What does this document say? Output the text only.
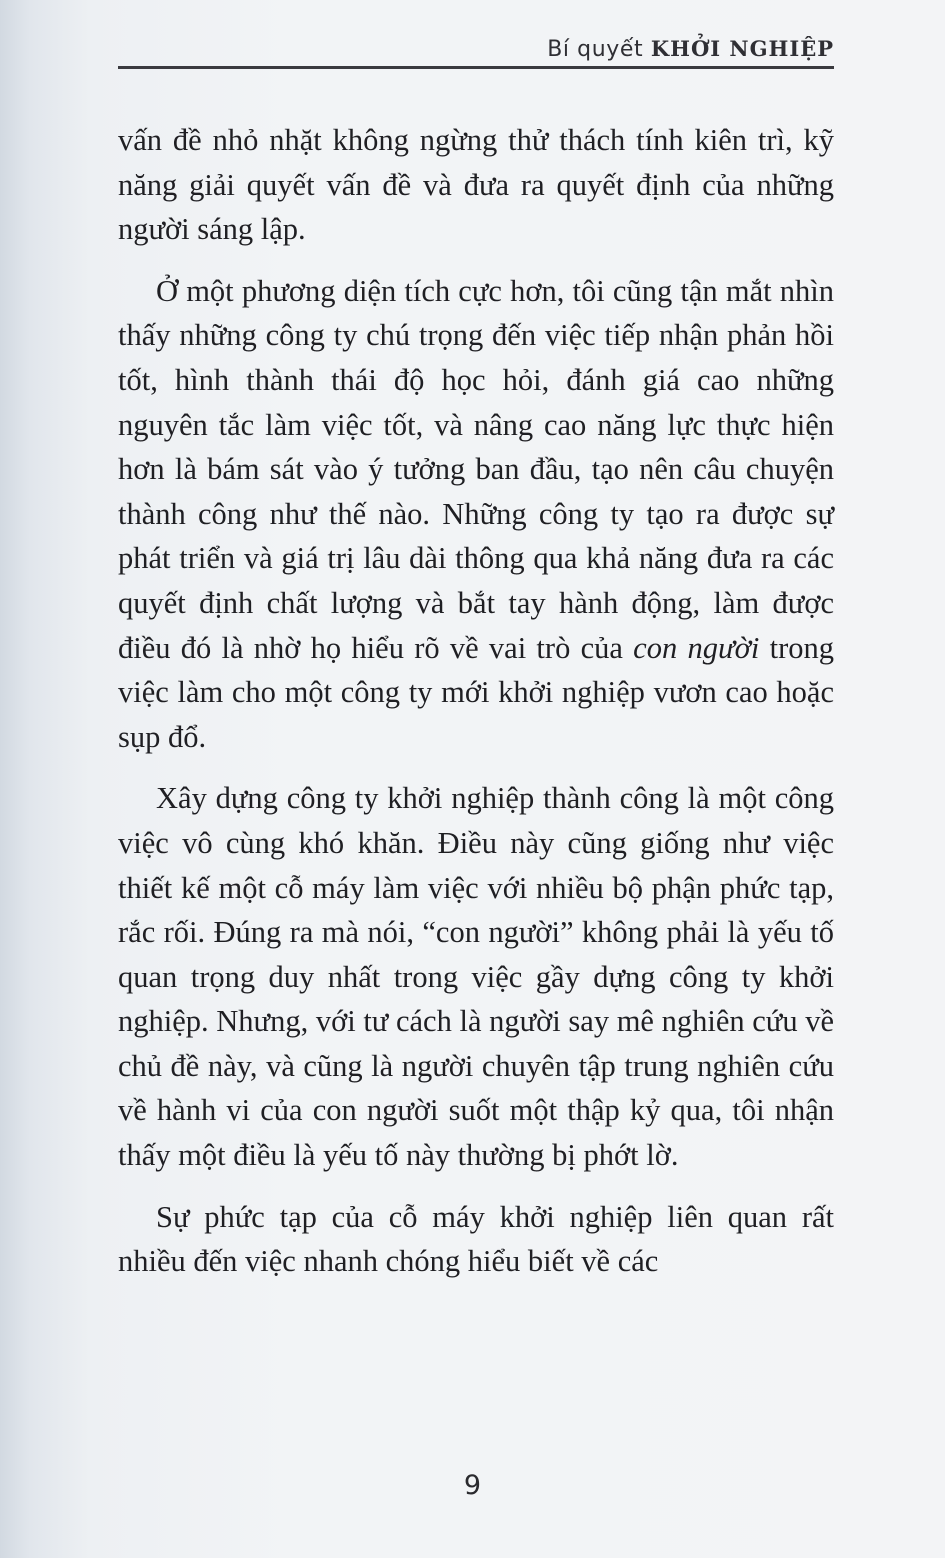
Bí quyết KHỞI NGHIỆP

vấn đề nhỏ nhặt không ngừng thử thách tính kiên trì, kỹ năng giải quyết vấn đề và đưa ra quyết định của những người sáng lập.

Ở một phương diện tích cực hơn, tôi cũng tận mắt nhìn thấy những công ty chú trọng đến việc tiếp nhận phản hồi tốt, hình thành thái độ học hỏi, đánh giá cao những nguyên tắc làm việc tốt, và nâng cao năng lực thực hiện hơn là bám sát vào ý tưởng ban đầu, tạo nên câu chuyện thành công như thế nào. Những công ty tạo ra được sự phát triển và giá trị lâu dài thông qua khả năng đưa ra các quyết định chất lượng và bắt tay hành động, làm được điều đó là nhờ họ hiểu rõ về vai trò của con người trong việc làm cho một công ty mới khởi nghiệp vươn cao hoặc sụp đổ.

Xây dựng công ty khởi nghiệp thành công là một công việc vô cùng khó khăn. Điều này cũng giống như việc thiết kế một cỗ máy làm việc với nhiều bộ phận phức tạp, rắc rối. Đúng ra mà nói, “con người” không phải là yếu tố quan trọng duy nhất trong việc gầy dựng công ty khởi nghiệp. Nhưng, với tư cách là người say mê nghiên cứu về chủ đề này, và cũng là người chuyên tập trung nghiên cứu về hành vi của con người suốt một thập kỷ qua, tôi nhận thấy một điều là yếu tố này thường bị phớt lờ.

Sự phức tạp của cỗ máy khởi nghiệp liên quan rất nhiều đến việc nhanh chóng hiểu biết về các

9
